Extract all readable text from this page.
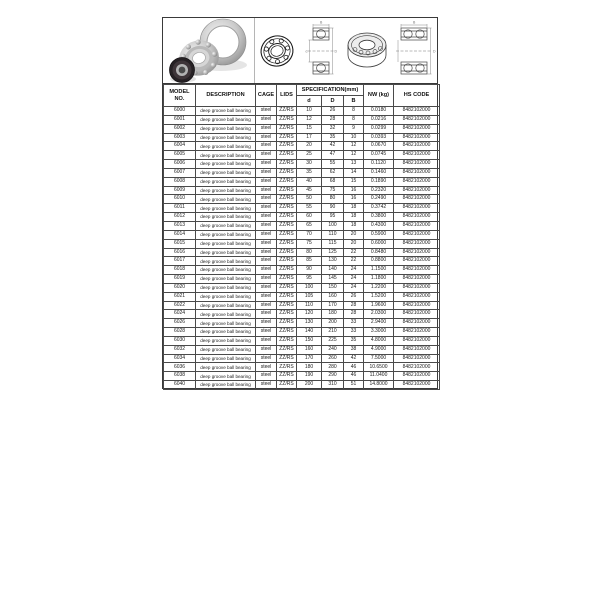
D
d
B
D
B
MODEL
NO.	DESCRIPTION	CAGE	LIDS	SPECIFICATION(mm)			NW (kg)	HS CODE
				d	D	B		
6000	deep groove ball bearing	steel	ZZ/RS	10	26	8	0.0180	8482102000
6001	deep groove ball bearing	steel	ZZ/RS	12	28	8	0.0216	8482102000
6002	deep groove ball bearing	steel	ZZ/RS	15	32	9	0.0299	8482102000
6003	deep groove ball bearing	steel	ZZ/RS	17	35	10	0.0393	8482102000
6004	deep groove ball bearing	steel	ZZ/RS	20	42	12	0.0670	8482102000
6005	deep groove ball bearing	steel	ZZ/RS	25	47	12	0.0745	8482102000
6006	deep groove ball bearing	steel	ZZ/RS	30	55	13	0.1120	8482102000
6007	deep groove ball bearing	steel	ZZ/RS	35	62	14	0.1460	8482102000
6008	deep groove ball bearing	steel	ZZ/RS	40	68	15	0.1890	8482102000
6009	deep groove ball bearing	steel	ZZ/RS	45	75	16	0.2320	8482102000
6010	deep groove ball bearing	steel	ZZ/RS	50	80	16	0.2490	8482102000
6011	deep groove ball bearing	steel	ZZ/RS	55	90	18	0.3742	8482102000
6012	deep groove ball bearing	steel	ZZ/RS	60	95	18	0.3800	8482102000
6013	deep groove ball bearing	steel	ZZ/RS	65	100	18	0.4300	8482102000
6014	deep groove ball bearing	steel	ZZ/RS	70	110	20	0.5900	8482102000
6015	deep groove ball bearing	steel	ZZ/RS	75	115	20	0.6000	8482102000
6016	deep groove ball bearing	steel	ZZ/RS	80	125	22	0.8480	8482102000
6017	deep groove ball bearing	steel	ZZ/RS	85	130	22	0.8800	8482102000
6018	deep groove ball bearing	steel	ZZ/RS	90	140	24	1.1500	8482102000
6019	deep groove ball bearing	steel	ZZ/RS	95	145	24	1.1800	8482102000
6020	deep groove ball bearing	steel	ZZ/RS	100	150	24	1.2200	8482102000
6021	deep groove ball bearing	steel	ZZ/RS	105	160	26	1.5200	8482102000
6022	deep groove ball bearing	steel	ZZ/RS	110	170	28	1.9600	8482102000
6024	deep groove ball bearing	steel	ZZ/RS	120	180	28	2.0300	8482102000
6026	deep groove ball bearing	steel	ZZ/RS	130	200	33	2.9400	8482102000
6028	deep groove ball bearing	steel	ZZ/RS	140	210	33	3.3000	8482102000
6030	deep groove ball bearing	steel	ZZ/RS	150	225	35	4.8000	8482102000
6032	deep groove ball bearing	steel	ZZ/RS	160	240	38	4.9000	8482102000
6034	deep groove ball bearing	steel	ZZ/RS	170	260	42	7.5000	8482102000
6036	deep groove ball bearing	steel	ZZ/RS	180	280	46	10.6500	8482102000
6038	deep groove ball bearing	steel	ZZ/RS	190	290	46	11.0400	8482102000
6040	deep groove ball bearing	steel	ZZ/RS	200	310	51	14.8000	8482102000
